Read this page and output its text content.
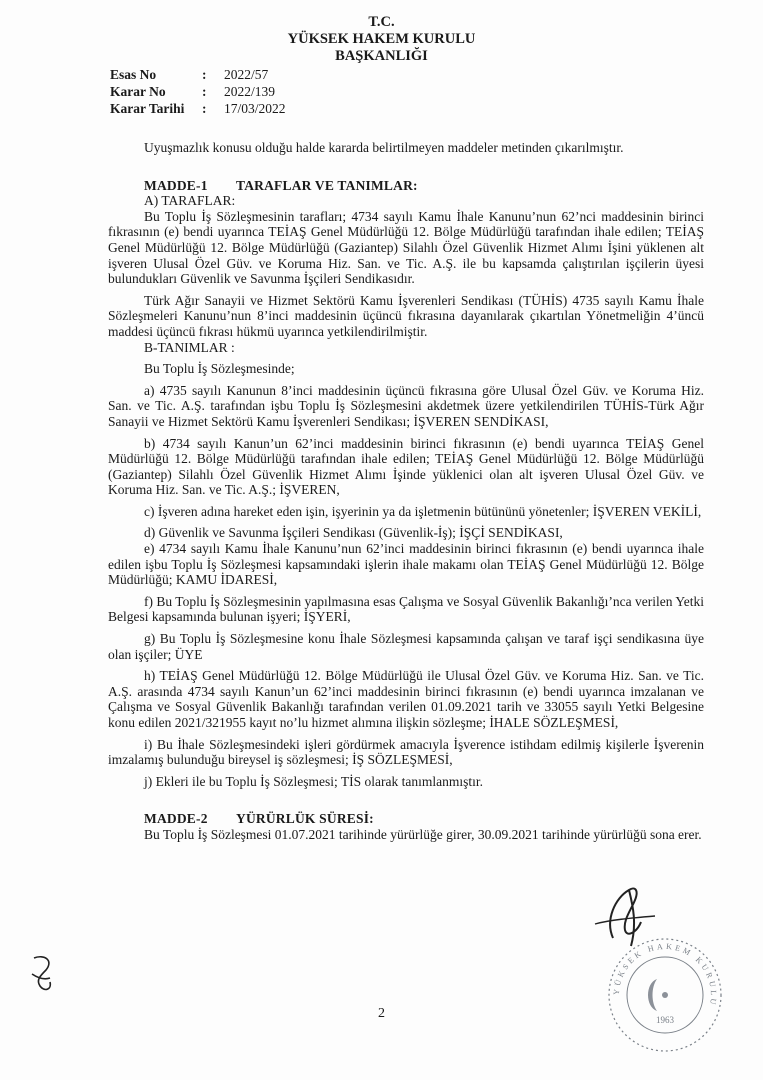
T.C.
YÜKSEK HAKEM KURULU
BAŞKANLIĞI
Esas No	:	2022/57
Karar No	:	2022/139
Karar Tarihi	:	17/03/2022

Uyuşmazlık konusu olduğu halde kararda belirtilmeyen maddeler metinden çıkarılmıştır.

MADDE-1 TARAFLAR VE TANIMLAR:

A) TARAFLAR:

Bu Toplu İş Sözleşmesinin tarafları; 4734 sayılı Kamu İhale Kanunu’nun 62’nci maddesinin birinci fıkrasının (e) bendi uyarınca TEİAŞ Genel Müdürlüğü 12. Bölge Müdürlüğü tarafından ihale edilen; TEİAŞ Genel Müdürlüğü 12. Bölge Müdürlüğü (Gaziantep) Silahlı Özel Güvenlik Hizmet Alımı İşini yüklenen alt işveren Ulusal Özel Güv. ve Koruma Hiz. San. ve Tic. A.Ş. ile bu kapsamda çalıştırılan işçilerin üyesi bulundukları Güvenlik ve Savunma İşçileri Sendikasıdır.

Türk Ağır Sanayii ve Hizmet Sektörü Kamu İşverenleri Sendikası (TÜHİS) 4735 sayılı Kamu İhale Sözleşmeleri Kanunu’nun 8’inci maddesinin üçüncü fıkrasına dayanılarak çıkartılan Yönetmeliğin 4’üncü maddesi üçüncü fıkrası hükmü uyarınca yetkilendirilmiştir.

B-TANIMLAR :

Bu Toplu İş Sözleşmesinde;

a) 4735 sayılı Kanunun 8’inci maddesinin üçüncü fıkrasına göre Ulusal Özel Güv. ve Koruma Hiz. San. ve Tic. A.Ş. tarafından işbu Toplu İş Sözleşmesini akdetmek üzere yetkilendirilen TÜHİS-Türk Ağır Sanayii ve Hizmet Sektörü Kamu İşverenleri Sendikası; İŞVEREN SENDİKASI,

b) 4734 sayılı Kanun’un 62’inci maddesinin birinci fıkrasının (e) bendi uyarınca TEİAŞ Genel Müdürlüğü 12. Bölge Müdürlüğü tarafından ihale edilen; TEİAŞ Genel Müdürlüğü 12. Bölge Müdürlüğü (Gaziantep) Silahlı Özel Güvenlik Hizmet Alımı İşinde yüklenici olan alt işveren Ulusal Özel Güv. ve Koruma Hiz. San. ve Tic. A.Ş.; İŞVEREN,

c) İşveren adına hareket eden işin, işyerinin ya da işletmenin bütününü yönetenler; İŞVEREN VEKİLİ,

d) Güvenlik ve Savunma İşçileri Sendikası (Güvenlik-İş); İŞÇİ SENDİKASI,

e) 4734 sayılı Kamu İhale Kanunu’nun 62’inci maddesinin birinci fıkrasının (e) bendi uyarınca ihale edilen işbu Toplu İş Sözleşmesi kapsamındaki işlerin ihale makamı olan TEİAŞ Genel Müdürlüğü 12. Bölge Müdürlüğü; KAMU İDARESİ,

f) Bu Toplu İş Sözleşmesinin yapılmasına esas Çalışma ve Sosyal Güvenlik Bakanlığı’nca verilen Yetki Belgesi kapsamında bulunan işyeri; İŞYERİ,

g) Bu Toplu İş Sözleşmesine konu İhale Sözleşmesi kapsamında çalışan ve taraf işçi sendikasına üye olan işçiler; ÜYE

h) TEİAŞ Genel Müdürlüğü 12. Bölge Müdürlüğü ile Ulusal Özel Güv. ve Koruma Hiz. San. ve Tic. A.Ş. arasında 4734 sayılı Kanun’un 62’inci maddesinin birinci fıkrasının (e) bendi uyarınca imzalanan ve Çalışma ve Sosyal Güvenlik Bakanlığı tarafından verilen 01.09.2021 tarih ve 33055 sayılı Yetki Belgesine konu edilen 2021/321955 kayıt no’lu hizmet alımına ilişkin sözleşme; İHALE SÖZLEŞMESİ,

i) Bu İhale Sözleşmesindeki işleri gördürmek amacıyla İşverence istihdam edilmiş kişilerle İşverenin imzalamış bulunduğu bireysel iş sözleşmesi; İŞ SÖZLEŞMESİ,

j) Ekleri ile bu Toplu İş Sözleşmesi; TİS olarak tanımlanmıştır.

MADDE-2 YÜRÜRLÜK SÜRESİ:

Bu Toplu İş Sözleşmesi 01.07.2021 tarihinde yürürlüğe girer, 30.09.2021 tarihinde yürürlüğü sona erer.

YÜKSEK HAKEM KURULU
1963
2
